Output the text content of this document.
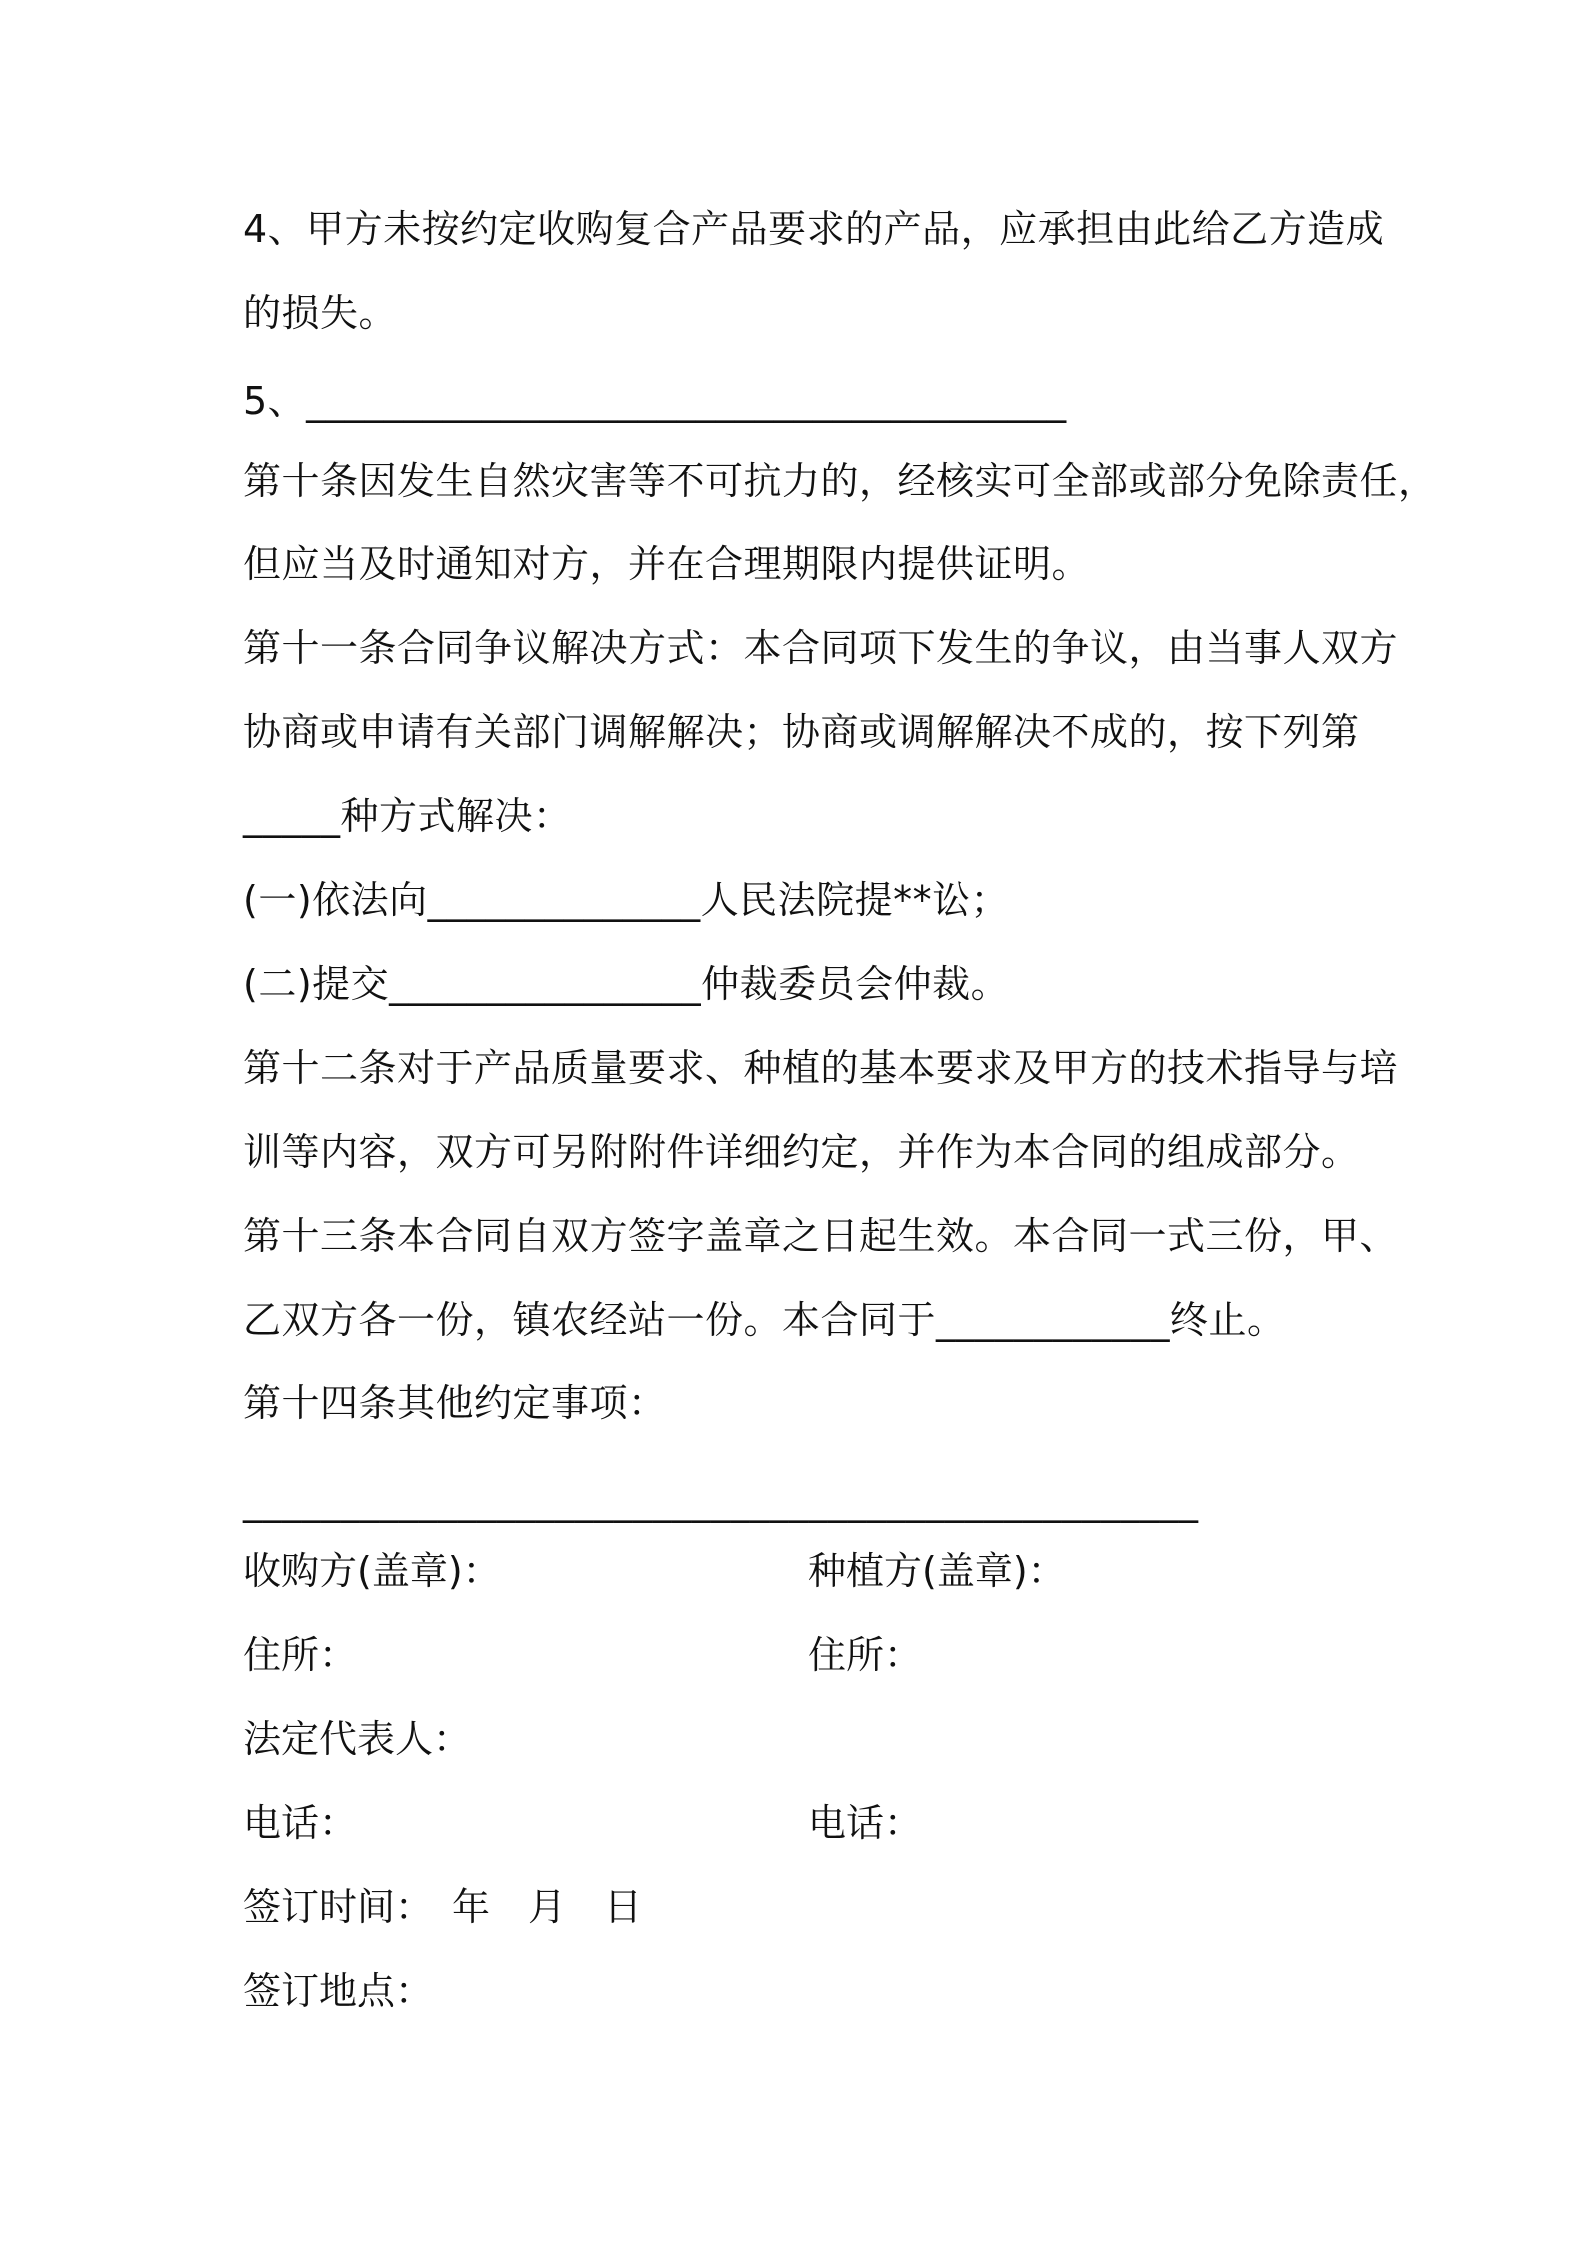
4、甲方未按约定收购复合产品要求的产品，应承担由此给乙方造成
的损失。
5、_______________________________________
第十条因发生自然灾害等不可抗力的，经核实可全部或部分免除责任，
但应当及时通知对方，并在合理期限内提供证明。
第十一条合同争议解决方式：本合同项下发生的争议，由当事人双方
协商或申请有关部门调解解决；协商或调解解决不成的，按下列第
_____种方式解决：
(一)依法向______________人民法院提**讼；
(二)提交________________仲裁委员会仲裁。
第十二条对于产品质量要求、种植的基本要求及甲方的技术指导与培
训等内容，双方可另附附件详细约定，并作为本合同的组成部分。
第十三条本合同自双方签字盖章之日起生效。本合同一式三份，甲、
乙双方各一份，镇农经站一份。本合同于____________终止。
第十四条其他约定事项：
_________________________________________________
收购方(盖章)：	种植方(盖章)：
住所：	住所：
法定代表人：
电话：	电话：
签订时间：　年　月　日
签订地点：
